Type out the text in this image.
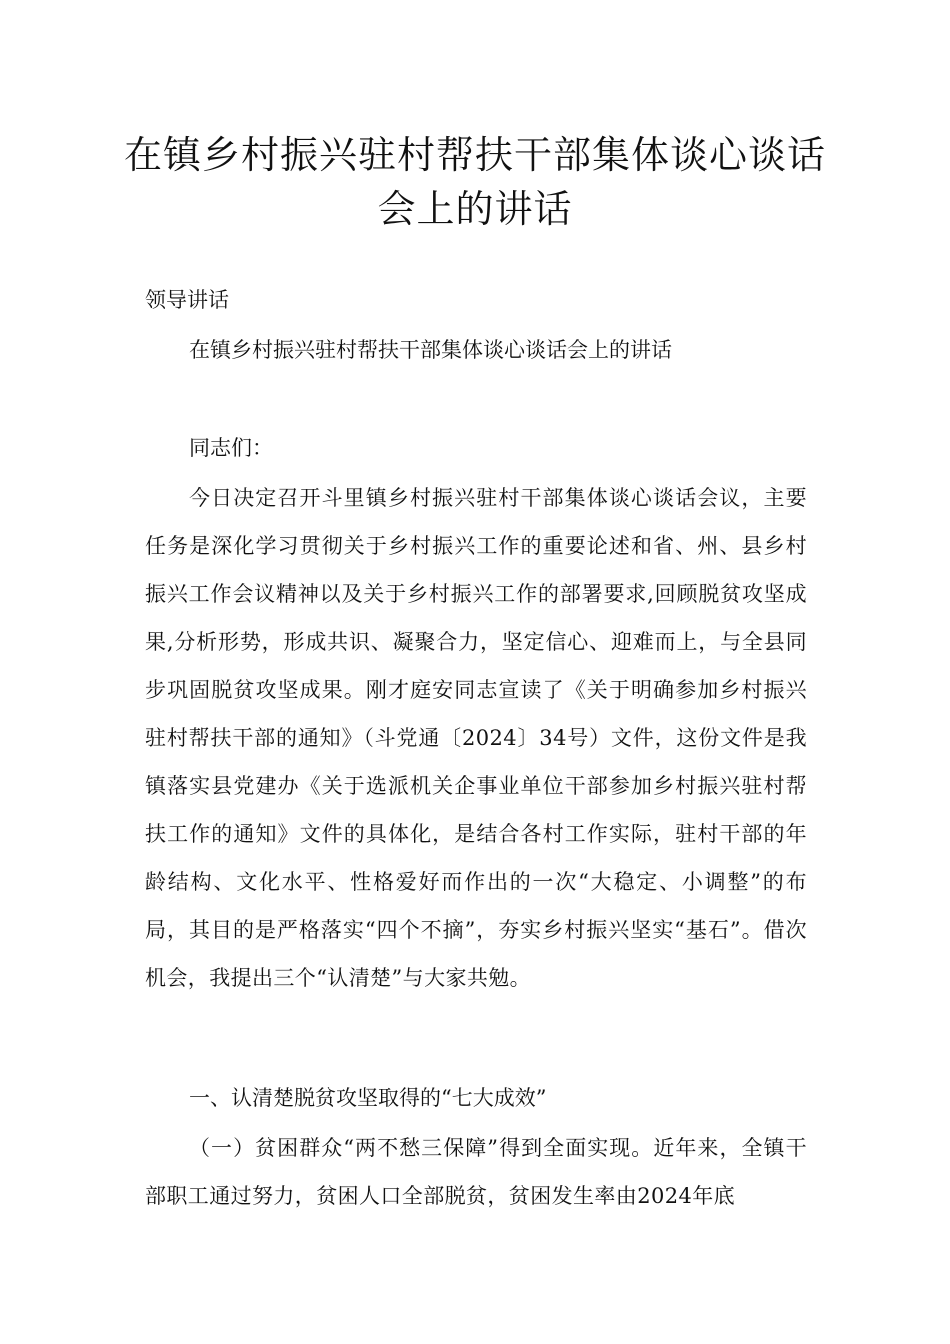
在镇乡村振兴驻村帮扶干部集体谈心谈话会上的讲话

领导讲话

在镇乡村振兴驻村帮扶干部集体谈心谈话会上的讲话

同志们：

今日决定召开斗里镇乡村振兴驻村干部集体谈心谈话会议，主要任务是深化学习贯彻关于乡村振兴工作的重要论述和省、州、县乡村振兴工作会议精神以及关于乡村振兴工作的部署要求,回顾脱贫攻坚成果,分析形势，形成共识、凝聚合力，坚定信心、迎难而上，与全县同步巩固脱贫攻坚成果。刚才庭安同志宣读了《关于明确参加乡村振兴驻村帮扶干部的通知》（斗党通〔2024〕34号）文件，这份文件是我镇落实县党建办《关于选派机关企事业单位干部参加乡村振兴驻村帮扶工作的通知》文件的具体化，是结合各村工作实际，驻村干部的年龄结构、文化水平、性格爱好而作出的一次“大稳定、小调整”的布局，其目的是严格落实“四个不摘”，夯实乡村振兴坚实“基石”。借次机会，我提出三个“认清楚”与大家共勉。

一、认清楚脱贫攻坚取得的“七大成效”

（一）贫困群众“两不愁三保障”得到全面实现。近年来，全镇干部职工通过努力，贫困人口全部脱贫，贫困发生率由2024年底
